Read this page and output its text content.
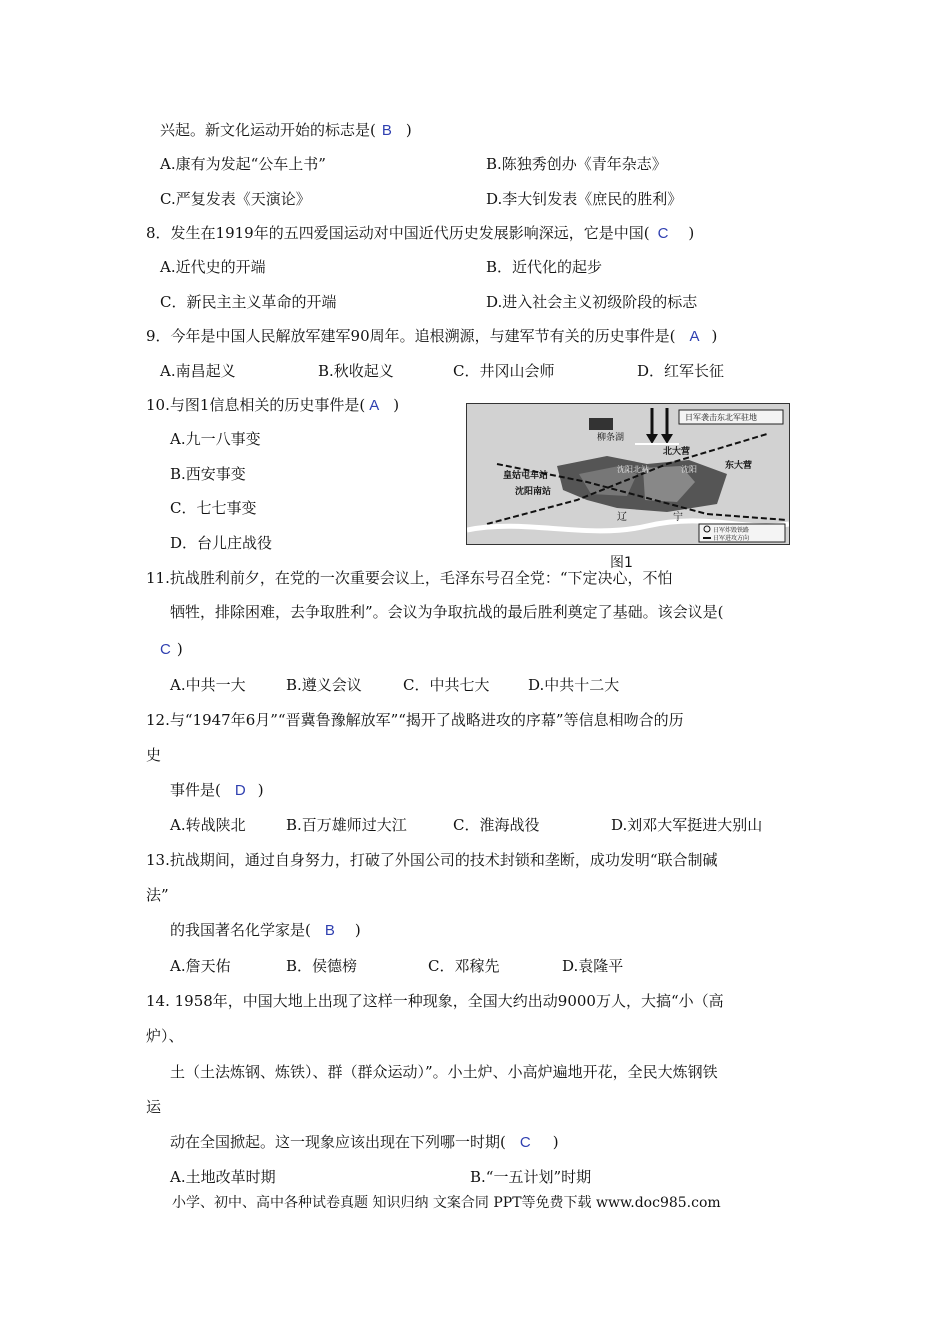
兴起。新文化运动开始的标志是( B )
A.康有为发起“公车上书”	B.陈独秀创办《青年杂志》
C.严复发表《天演论》	D.李大钊发表《庶民的胜利》
8．发生在1919年的五四爱国运动对中国近代历史发展影响深远，它是中国( C )
A.近代史的开端	B．近代化的起步
C．新民主主义革命的开端	D.进入社会主义初级阶段的标志
9．今年是中国人民解放军建军90周年。追根溯源，与建军节有关的历史事件是( A )
A.南昌起义	B.秋收起义	C．井冈山会师	D．红军长征
10.与图1信息相关的历史事件是( A )
A.九一八事变
B.西安事变
C．七七事变
D．台儿庄战役
日军袭击东北军驻地
柳条湖
北大营
东大营
皇姑屯车站
沈阳南站
沈阳北站	沈阳
辽	宁
日军炸毁铁路
日军进攻方向
图1
11.抗战胜利前夕，在党的一次重要会议上，毛泽东号召全党：“下定决心，不怕
牺牲，排除困难，去争取胜利”。会议为争取抗战的最后胜利奠定了基础。该会议是(
C )
A.中共一大	B.遵义会议	C．中共七大	D.中共十二大
12.与“1947年6月”“晋冀鲁豫解放军”“揭开了战略进攻的序幕”等信息相吻合的历
史
事件是( D )
A.转战陕北	B.百万雄师过大江	C．淮海战役	D.刘邓大军挺进大别山
13.抗战期间，通过自身努力，打破了外国公司的技术封锁和垄断，成功发明“联合制碱
法”
的我国著名化学家是( B )
A.詹天佑	B．侯德榜	C．邓稼先	D.袁隆平
14. 1958年，中国大地上出现了这样一种现象，全国大约出动9000万人，大搞“小（高
炉）、
土（土法炼钢、炼铁）、群（群众运动）”。小土炉、小高炉遍地开花，全民大炼钢铁
运
动在全国掀起。这一现象应该出现在下列哪一时期( C )
A.土地改革时期	B.“一五计划”时期
小学、初中、高中各种试卷真题 知识归纳 文案合同 PPT等免费下载 www.doc985.com
